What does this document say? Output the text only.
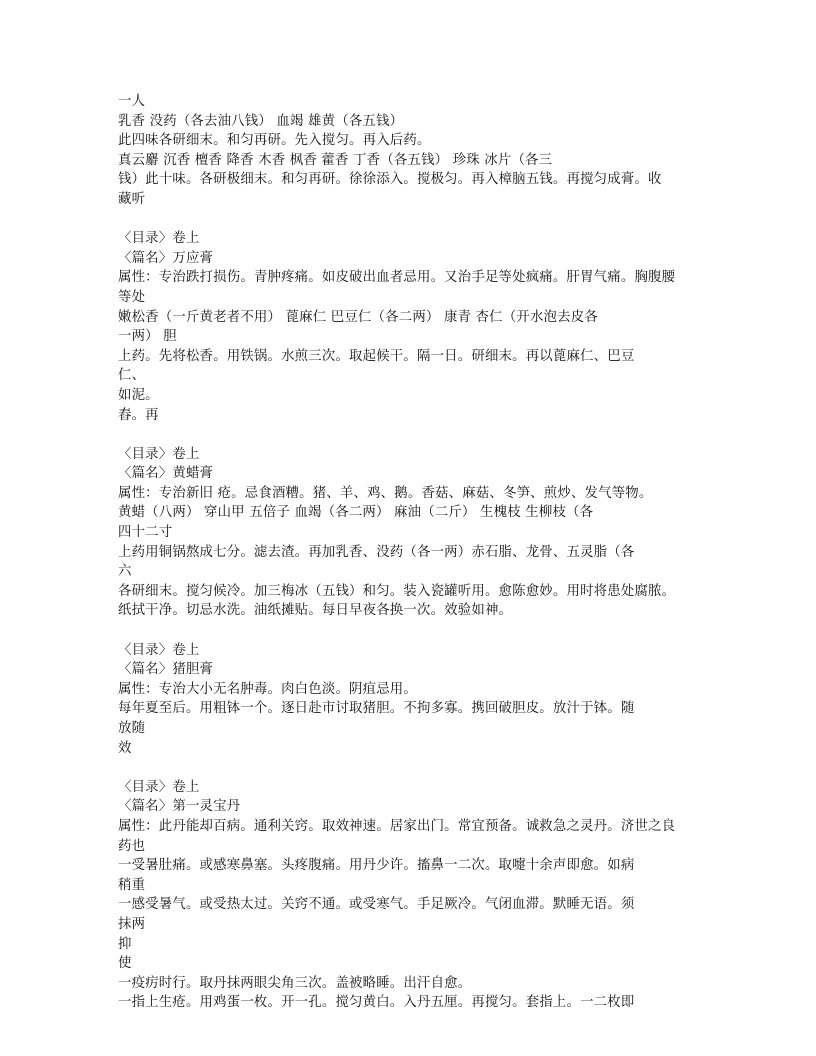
一人
乳香 没药（各去油八钱） 血竭 雄黄（各五钱）
此四味各研细末。和匀再研。先入搅匀。再入后药。
真云麝 沉香 檀香 降香 木香 枫香 藿香 丁香（各五钱） 珍珠 冰片（各三
钱）此十味。各研极细末。和匀再研。徐徐添入。搅极匀。再入樟脑五钱。再搅匀成膏。收
藏听
〈目录〉卷上
〈篇名〉万应膏
属性：专治跌打损伤。青肿疼痛。如皮破出血者忌用。又治手足等处疯痛。肝胃气痛。胸腹腰
等处
嫩松香（一斤黄老者不用） 蓖麻仁 巴豆仁（各二两） 康青 杏仁（开水泡去皮各
一两） 胆
上药。先将松香。用铁锅。水煎三次。取起候干。隔一日。研细末。再以蓖麻仁、巴豆
仁、
如泥。
舂。再
〈目录〉卷上
〈篇名〉黄蜡膏
属性：专治新旧 疮。忌食酒糟。猪、羊、鸡、鹅。香菇、麻菇、冬笋、煎炒、发气等物。
黄蜡（八两） 穿山甲 五倍子 血竭（各二两） 麻油（二斤） 生槐枝 生柳枝（各
四十二寸
上药用铜锅熬成七分。滤去渣。再加乳香、没药（各一两）赤石脂、龙骨、五灵脂（各
六
各研细末。搅匀候冷。加三梅冰（五钱）和匀。装入瓷罐听用。愈陈愈妙。用时将患处腐脓。
纸拭干净。切忌水洗。油纸摊贴。每日早夜各换一次。效验如神。
〈目录〉卷上
〈篇名〉猪胆膏
属性：专治大小无名肿毒。肉白色淡。阴疽忌用。
每年夏至后。用粗钵一个。逐日赴市讨取猪胆。不拘多寡。携回破胆皮。放汁于钵。随
放随
效
〈目录〉卷上
〈篇名〉第一灵宝丹
属性：此丹能却百病。通利关窍。取效神速。居家出门。常宜预备。诚救急之灵丹。济世之良
药也
一受暑肚痛。或感寒鼻塞。头疼腹痛。用丹少许。搐鼻一二次。取嚏十余声即愈。如病
稍重
一感受暑气。或受热太过。关窍不通。或受寒气。手足厥冷。气闭血滞。默睡无语。须
抹两
抑
使
一疫疠时行。取丹抹两眼尖角三次。盖被略睡。出汗自愈。
一指上生疮。用鸡蛋一枚。开一孔。搅匀黄白。入丹五厘。再搅匀。套指上。一二枚即
